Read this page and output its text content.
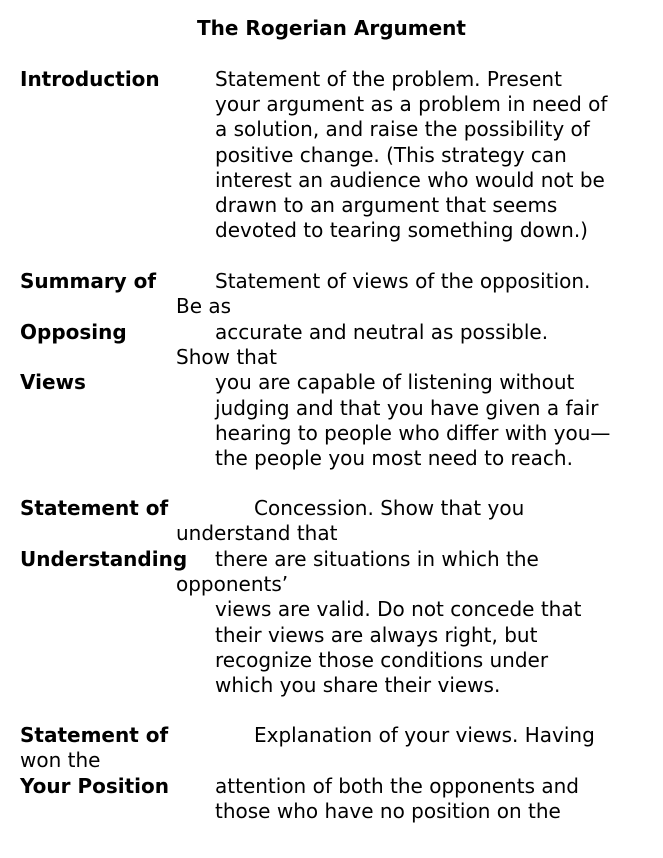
The Rogerian Argument
Introduction	Statement of the problem. Present
your argument as a problem in need of
a solution, and raise the possibility of
positive change. (This strategy can
interest an audience who would not be
drawn to an argument that seems
devoted to tearing something down.)
Summary of
Opposing
Views
Statement of views of the opposition.
Be as
accurate and neutral as possible.
Show that
you are capable of listening without
judging and that you have given a fair
hearing to people who differ with you—
the people you most need to reach.
Statement of
Understanding
Concession. Show that you
understand that
there are situations in which the
opponents’
views are valid. Do not concede that
their views are always right, but
recognize those conditions under
which you share their views.
Statement of
Your Position
Explanation of your views. Having
won the
attention of both the opponents and
those who have no position on the
